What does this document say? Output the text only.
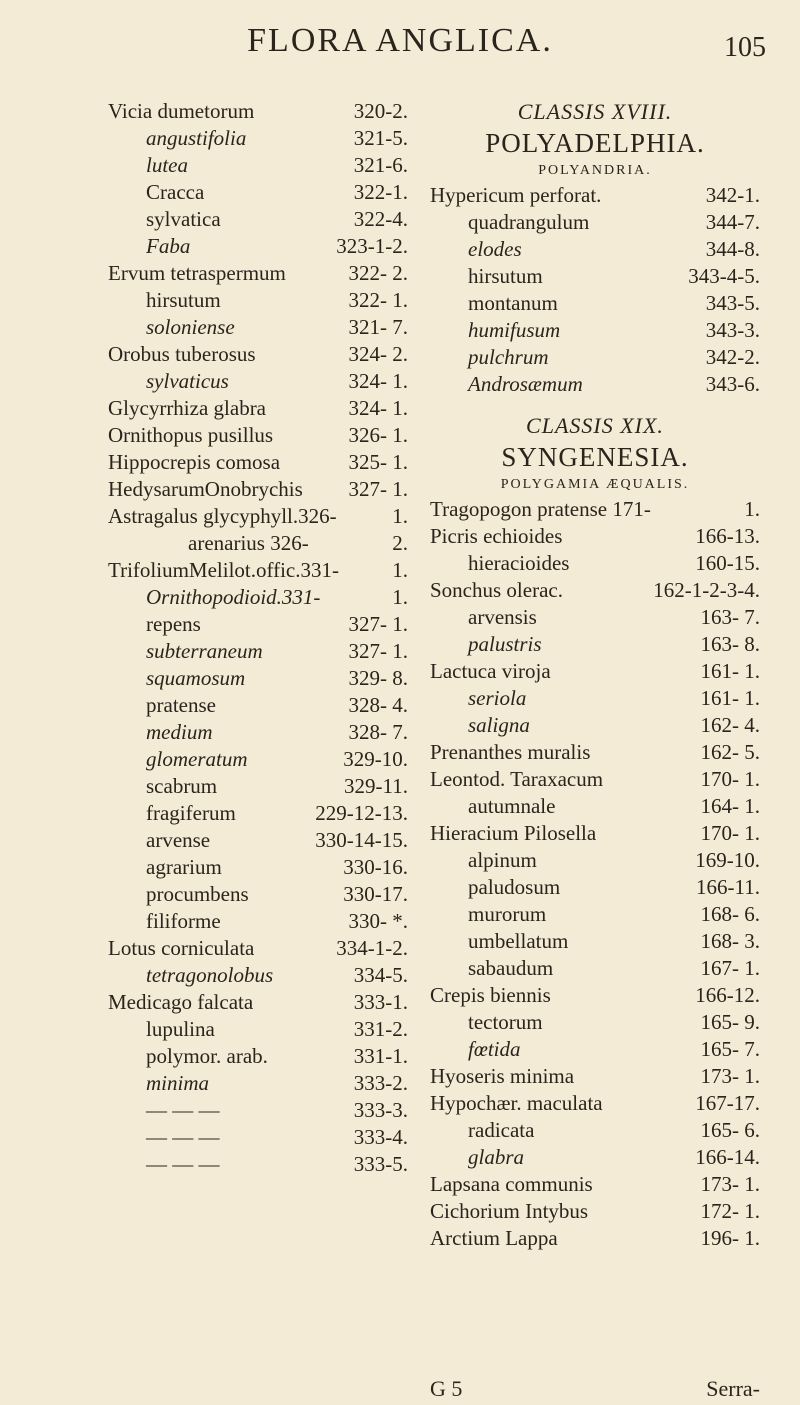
FLORA ANGLICA.	105
Vicia dumetorum	320-2.
angustifolia	321-5.
lutea	321-6.
Cracca	322-1.
sylvatica	322-4.
Faba	323-1-2.
Ervum tetraspermum	322- 2.
hirsutum	322- 1.
soloniense	321- 7.
Orobus tuberosus	324- 2.
sylvaticus	324- 1.
Glycyrrhiza glabra	324- 1.
Ornithopus pusillus	326- 1.
Hippocrepis comosa	325- 1.
HedysarumOnobrychis 327- 1.
Astragalus glycyphyll.326-	1.
arenarius 326-	2.
TrifoliumMelilot.offic.331-	1.
Ornithopodioid.331-	1.
repens	327- 1.
subterraneum	327- 1.
squamosum	329- 8.
pratense	328- 4.
medium	328- 7.
glomeratum	329-10.
scabrum	329-11.
fragiferum	229-12-13.
arvense	330-14-15.
agrarium	330-16.
procumbens	330-17.
filiforme	330- *.
Lotus corniculata	334-1-2.
tetragonolobus	334-5.
Medicago falcata	333-1.
lupulina	331-2.
polymor. arab.	331-1.
minima	333-2.
— — —	333-3.
— — —	333-4.
— — —	333-5.
CLASSIS XVIII.
POLYADELPHIA.
POLYANDRIA.
Hypericum perforat.	342-1.
quadrangulum	344-7.
elodes	344-8.
hirsutum	343-4-5.
montanum	343-5.
humifusum	343-3.
pulchrum	342-2.
Androsæmum	343-6.
CLASSIS XIX.
SYNGENESIA.
POLYGAMIA ÆQUALIS.
Tragopogon pratense 171-	1.
Picris echioides	166-13.
hieracioides	160-15.
Sonchus olerac.	162-1-2-3-4.
arvensis	163- 7.
palustris	163- 8.
Lactuca viroja	161- 1.
seriola	161- 1.
saligna	162- 4.
Prenanthes muralis	162- 5.
Leontod. Taraxacum	170- 1.
autumnale	164- 1.
Hieracium Pilosella	170- 1.
alpinum	169-10.
paludosum	166-11.
murorum	168- 6.
umbellatum	168- 3.
sabaudum	167- 1.
Crepis biennis	166-12.
tectorum	165- 9.
fœtida	165- 7.
Hyoseris minima	173- 1.
Hypochær. maculata	167-17.
radicata	165- 6.
glabra	166-14.
Lapsana communis	173- 1.
Cichorium Intybus	172- 1.
Arctium Lappa	196- 1.
G 5	Serra-
